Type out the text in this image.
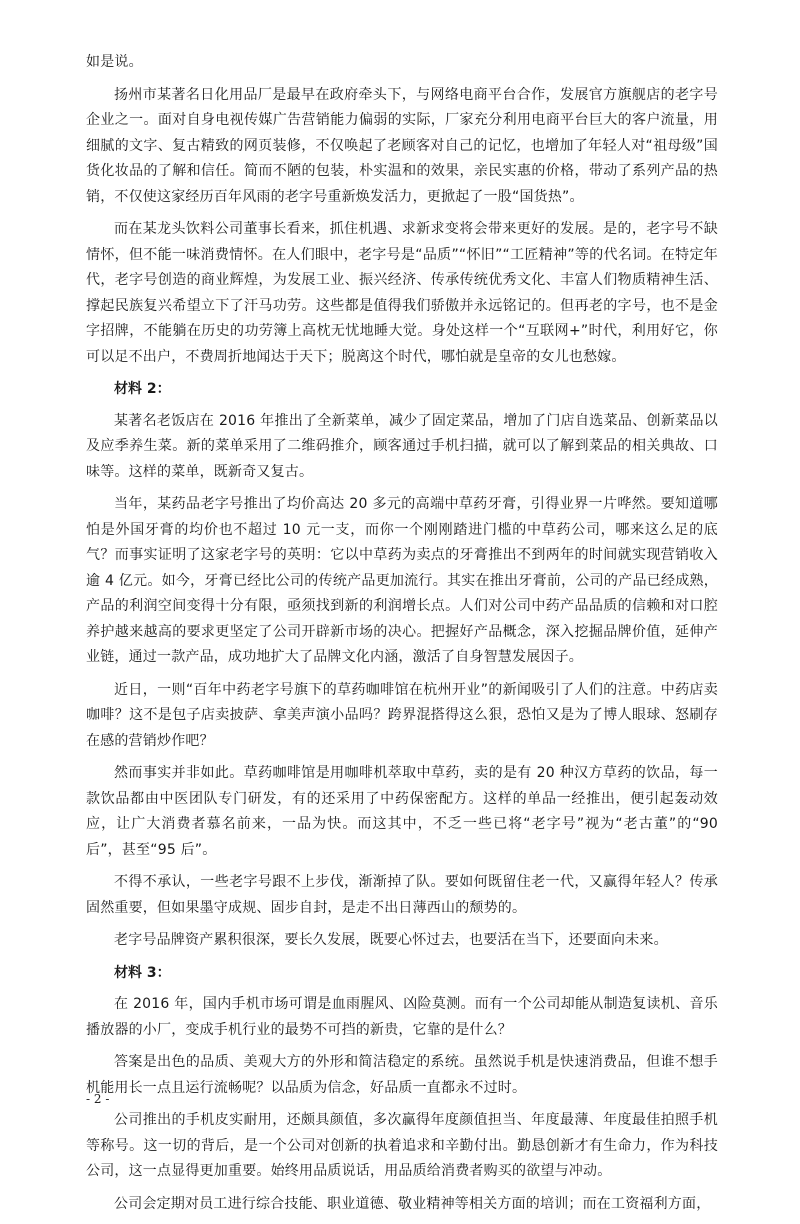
如是说。

扬州市某著名日化用品厂是最早在政府牵头下，与网络电商平台合作，发展官方旗舰店的老字号企业之一。面对自身电视传媒广告营销能力偏弱的实际，厂家充分利用电商平台巨大的客户流量，用细腻的文字、复古精致的网页装修，不仅唤起了老顾客对自己的记忆，也增加了年轻人对“祖母级”国货化妆品的了解和信任。简而不陋的包装，朴实温和的效果，亲民实惠的价格，带动了系列产品的热销，不仅使这家经历百年风雨的老字号重新焕发活力，更掀起了一股“国货热”。

而在某龙头饮料公司董事长看来，抓住机遇、求新求变将会带来更好的发展。是的，老字号不缺情怀，但不能一味消费情怀。在人们眼中，老字号是“品质”“怀旧”“工匠精神”等的代名词。在特定年代，老字号创造的商业辉煌，为发展工业、振兴经济、传承传统优秀文化、丰富人们物质精神生活、撑起民族复兴希望立下了汗马功劳。这些都是值得我们骄傲并永远铭记的。但再老的字号，也不是金字招牌，不能躺在历史的功劳簿上高枕无忧地睡大觉。身处这样一个“互联网+”时代，利用好它，你可以足不出户，不费周折地闻达于天下；脱离这个时代，哪怕就是皇帝的女儿也愁嫁。

材料 2：

某著名老饭店在 2016 年推出了全新菜单，减少了固定菜品，增加了门店自选菜品、创新菜品以及应季养生菜。新的菜单采用了二维码推介，顾客通过手机扫描，就可以了解到菜品的相关典故、口味等。这样的菜单，既新奇又复古。

当年，某药品老字号推出了均价高达 20 多元的高端中草药牙膏，引得业界一片哗然。要知道哪怕是外国牙膏的均价也不超过 10 元一支，而你一个刚刚踏进门槛的中草药公司，哪来这么足的底气？而事实证明了这家老字号的英明：它以中草药为卖点的牙膏推出不到两年的时间就实现营销收入逾 4 亿元。如今，牙膏已经比公司的传统产品更加流行。其实在推出牙膏前，公司的产品已经成熟，产品的利润空间变得十分有限，亟须找到新的利润增长点。人们对公司中药产品品质的信赖和对口腔养护越来越高的要求更坚定了公司开辟新市场的决心。把握好产品概念，深入挖掘品牌价值，延伸产业链，通过一款产品，成功地扩大了品牌文化内涵，激活了自身智慧发展因子。

近日，一则“百年中药老字号旗下的草药咖啡馆在杭州开业”的新闻吸引了人们的注意。中药店卖咖啡？这不是包子店卖披萨、拿美声演小品吗？跨界混搭得这么狠，恐怕又是为了博人眼球、怒刷存在感的营销炒作吧？

然而事实并非如此。草药咖啡馆是用咖啡机萃取中草药，卖的是有 20 种汉方草药的饮品，每一款饮品都由中医团队专门研发，有的还采用了中药保密配方。这样的单品一经推出，便引起轰动效应，让广大消费者慕名前来，一品为快。而这其中，不乏一些已将“老字号”视为“老古董”的“90 后”，甚至“95 后”。

不得不承认，一些老字号跟不上步伐，渐渐掉了队。要如何既留住老一代，又赢得年轻人？传承固然重要，但如果墨守成规、固步自封，是走不出日薄西山的颓势的。

老字号品牌资产累积很深，要长久发展，既要心怀过去，也要活在当下，还要面向未来。

材料 3：

在 2016 年，国内手机市场可谓是血雨腥风、凶险莫测。而有一个公司却能从制造复读机、音乐播放器的小厂，变成手机行业的最势不可挡的新贵，它靠的是什么？

答案是出色的品质、美观大方的外形和简洁稳定的系统。虽然说手机是快速消费品，但谁不想手机能用长一点且运行流畅呢？以品质为信念，好品质一直都永不过时。

公司推出的手机皮实耐用，还颇具颜值，多次赢得年度颜值担当、年度最薄、年度最佳拍照手机等称号。这一切的背后，是一个公司对创新的执着追求和辛勤付出。勤恳创新才有生命力，作为科技公司，这一点显得更加重要。始终用品质说话，用品质给消费者购买的欲望与冲动。

公司会定期对员工进行综合技能、职业道德、敬业精神等相关方面的培训；而在工资福利方面，

- 2 -
